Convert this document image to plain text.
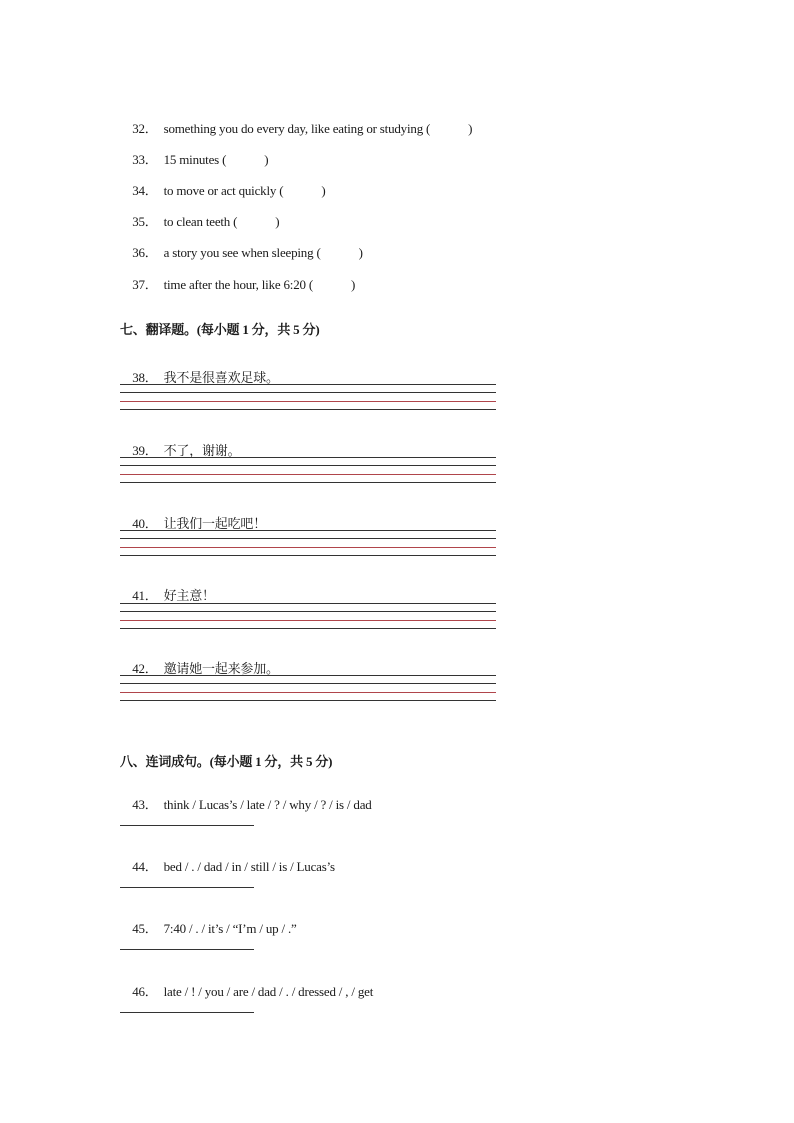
32． something you do every day, like eating or studying (	)

33． 15 minutes (	)

34． to move or act quickly (	)

35． to clean teeth (	)

36． a story you see when sleeping (	)

37． time after the hour, like 6:20 (	)

七、翻译题。(每小题 1 分，共 5 分)

38． 我不是很喜欢足球。

39． 不了，谢谢。

40． 让我们一起吃吧！

41． 好主意！

42． 邀请她一起来参加。

八、连词成句。(每小题 1 分，共 5 分)

43． think / Lucas’s / late / ? / why / ? / is / dad

44． bed / . / dad / in / still / is / Lucas’s

45． 7:40 / . / it’s / “I’m / up / .”

46． late / ! / you / are / dad / . / dressed / , / get
